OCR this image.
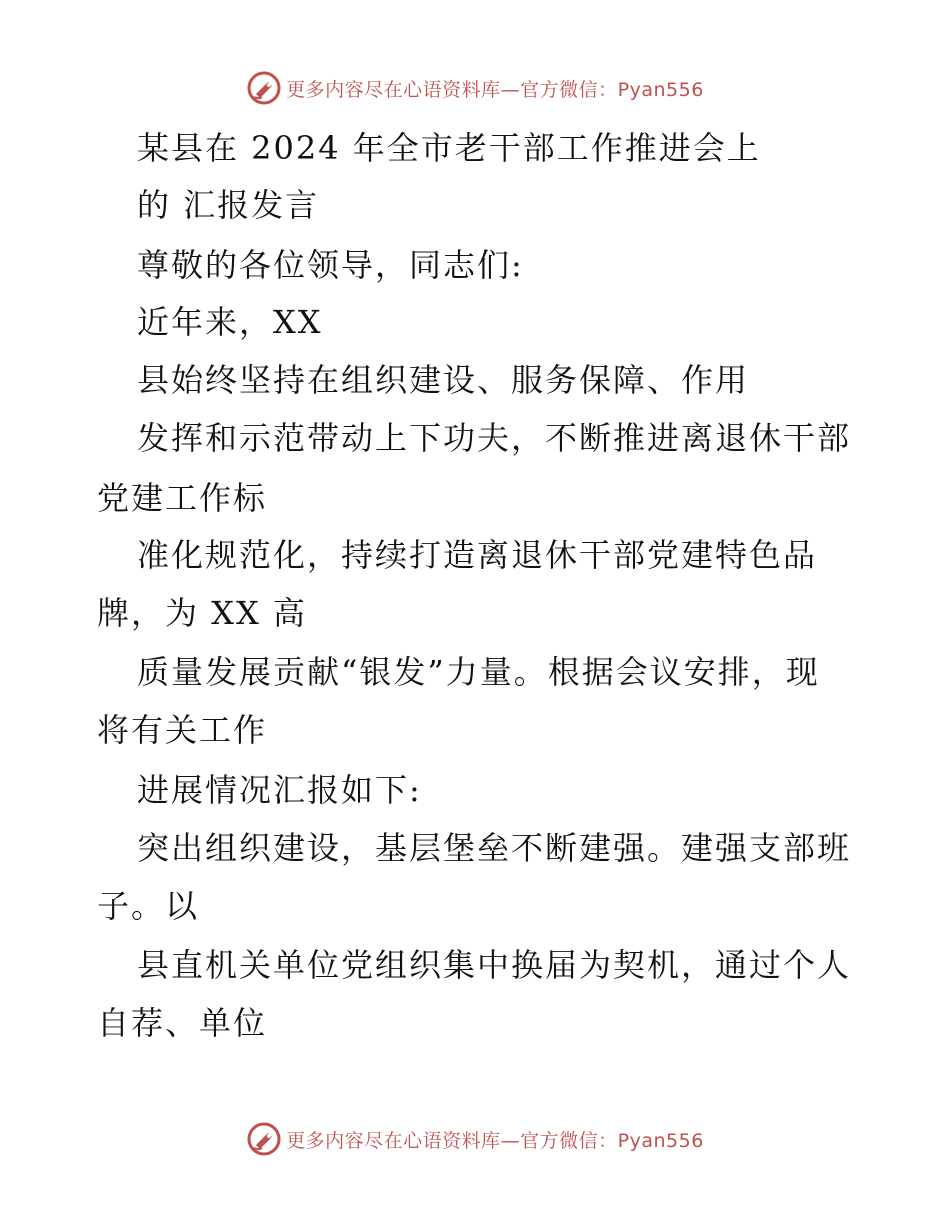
更多内容尽在心语资料库—官方微信：Pyan556
某县在 2024 年全市老干部工作推进会上
的 汇报发言
尊敬的各位领导，同志们:
近年来，XX
县始终坚持在组织建设、服务保障、作用
发挥和示范带动上下功夫，不断推进离退休干部
党建工作标
准化规范化，持续打造离退休干部党建特色品
牌，为 XX 高
质量发展贡献“银发”力量。根据会议安排，现
将有关工作
进展情况汇报如下:
突出组织建设，基层堡垒不断建强。建强支部班
子。以
县直机关单位党组织集中换届为契机，通过个人
自荐、单位
更多内容尽在心语资料库—官方微信：Pyan556
